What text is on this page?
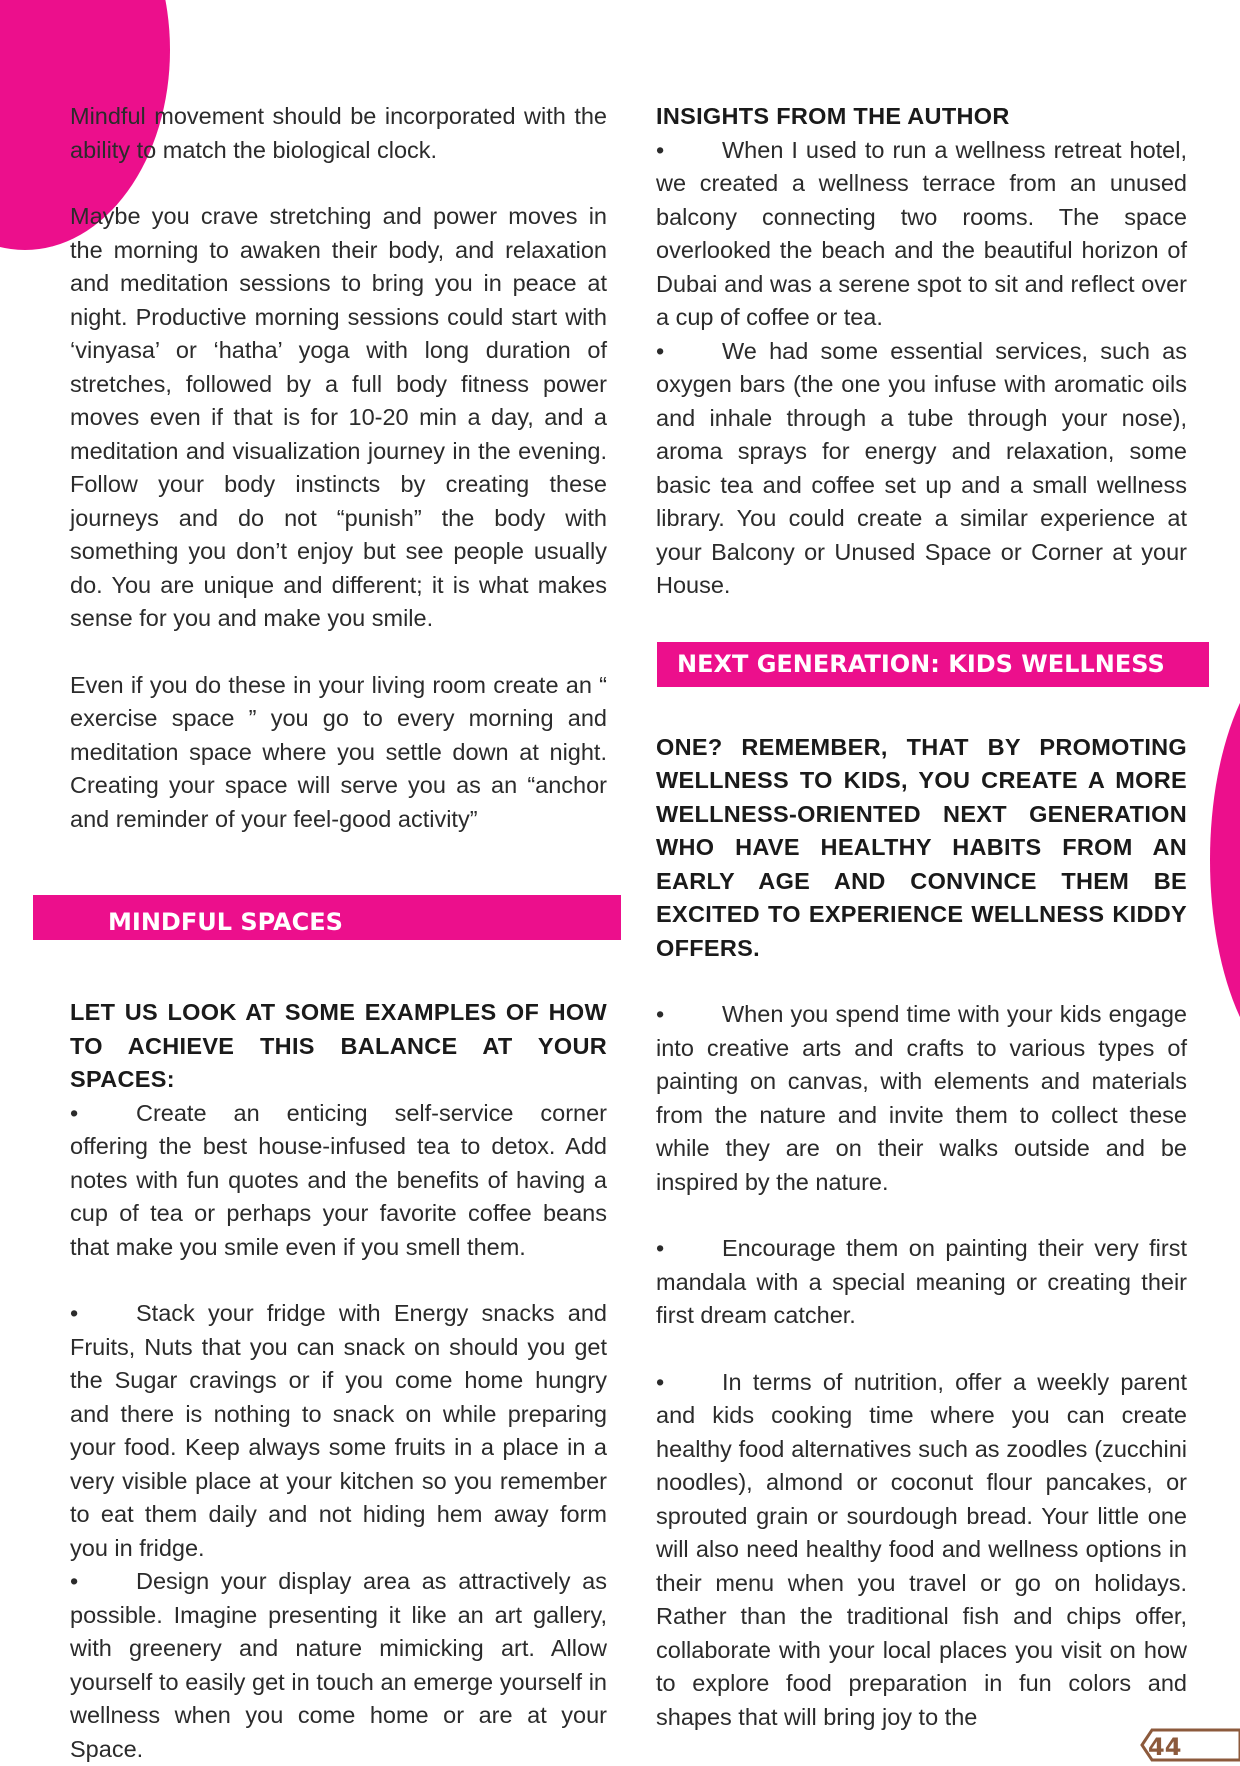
Mindful movement should be incorporated with the ability to match the biological clock.

Maybe you crave stretching and power moves in the morning to awaken their body, and relaxation and meditation sessions to bring you in peace at night. Productive morning sessions could start with ‘vinyasa’ or ‘hatha’ yoga with long duration of stretches, followed by a full body fitness power moves even if that is for 10-20 min a day, and a meditation and visualization journey in the evening. Follow your body instincts by creating these journeys and do not “punish” the body with something you don’t enjoy but see people usually do. You are unique and different; it is what makes sense for you and make you smile.

Even if you do these in your living room create an “ exercise space ” you go to every morning and meditation space where you settle down at night. Creating your space will serve you as an “anchor and reminder of your feel-good activity”

LET US LOOK AT SOME EXAMPLES OF HOW TO ACHIEVE THIS BALANCE AT YOUR SPACES:

• Create an enticing self-service corner offering the best house-infused tea to detox. Add notes with fun quotes and the benefits of having a cup of tea or perhaps your favorite coffee beans that make you smile even if you smell them.

• Stack your fridge with Energy snacks and Fruits, Nuts that you can snack on should you get the Sugar cravings or if you come home hungry and there is nothing to snack on while preparing your food. Keep always some fruits in a place in a very visible place at your kitchen so you remember to eat them daily and not hiding hem away form you in fridge.

• Design your display area as attractively as possible. Imagine presenting it like an art gallery, with greenery and nature mimicking art. Allow yourself to easily get in touch an emerge yourself in wellness when you come home or are at your Space.

MINDFUL SPACES

INSIGHTS FROM THE AUTHOR

• When I used to run a wellness retreat hotel, we created a wellness terrace from an unused balcony connecting two rooms. The space overlooked the beach and the beautiful horizon of Dubai and was a serene spot to sit and reflect over a cup of coffee or tea.

• We had some essential services, such as oxygen bars (the one you infuse with aromatic oils and inhale through a tube through your nose), aroma sprays for energy and relaxation, some basic tea and coffee set up and a small wellness library. You could create a similar experience at your Balcony or Unused Space or Corner at your House.

ONE? REMEMBER, THAT BY PROMOTING WELLNESS TO KIDS, YOU CREATE A MORE WELLNESS-ORIENTED NEXT GENERATION WHO HAVE HEALTHY HABITS FROM AN EARLY AGE AND CONVINCE THEM BE EXCITED TO EXPERIENCE WELLNESS KIDDY OFFERS.

• When you spend time with your kids engage into creative arts and crafts to various types of painting on canvas, with elements and materials from the nature and invite them to collect these while they are on their walks outside and be inspired by the nature.

• Encourage them on painting their very first mandala with a special meaning or creating their first dream catcher.

• In terms of nutrition, offer a weekly parent and kids cooking time where you can create healthy food alternatives such as zoodles (zucchini noodles), almond or coconut flour pancakes, or sprouted grain or sourdough bread. Your little one will also need healthy food and wellness options in their menu when you travel or go on holidays. Rather than the traditional fish and chips offer, collaborate with your local places you visit on how to explore food preparation in fun colors and shapes that will bring joy to the

NEXT GENERATION: KIDS WELLNESS
44
